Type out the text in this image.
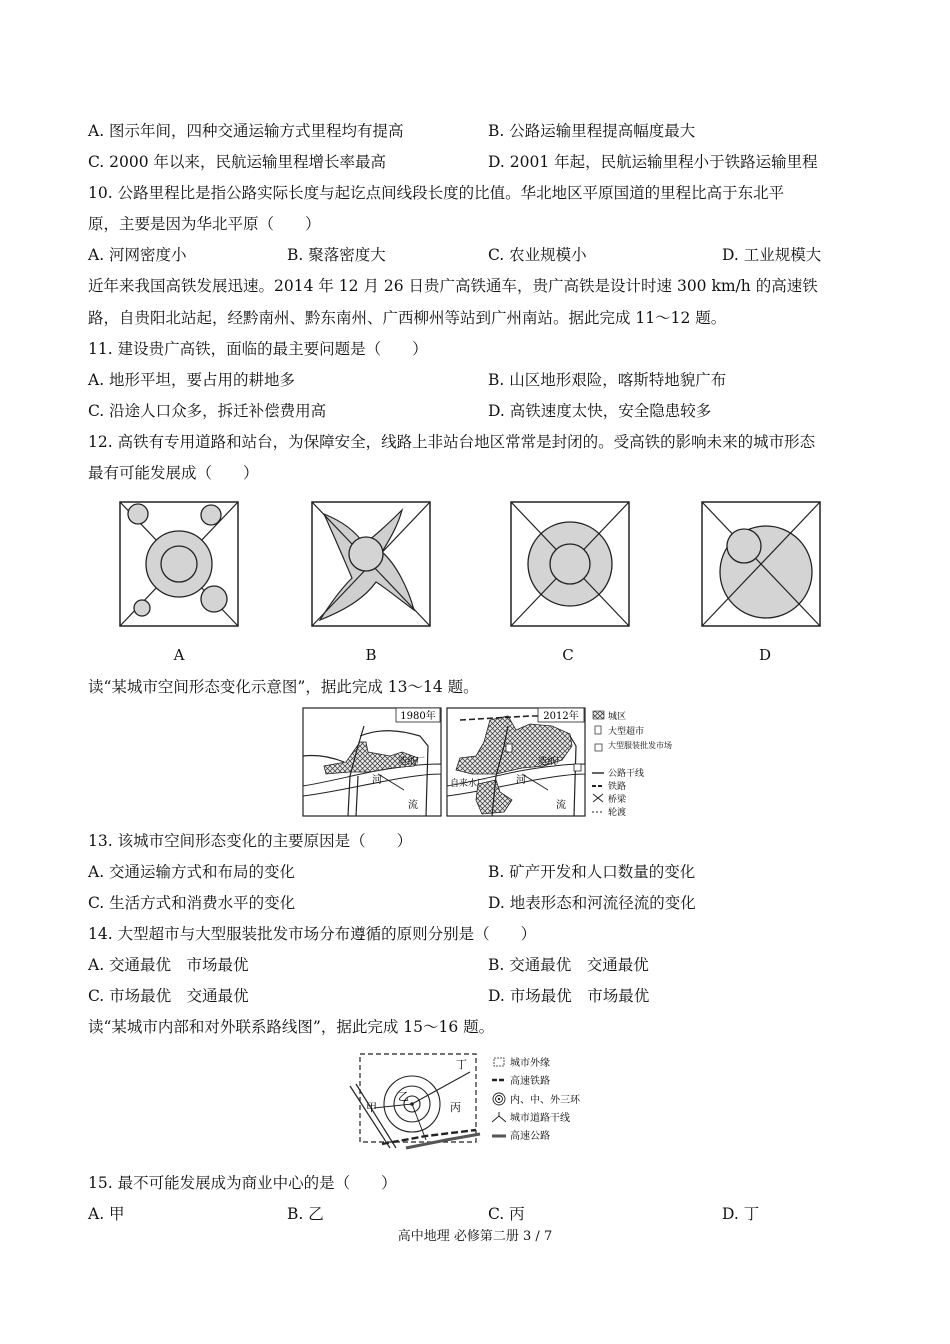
A. 图示年间，四种交通运输方式里程均有提高	B. 公路运输里程提高幅度最大
C. 2000 年以来，民航运输里程增长率最高	D. 2001 年起，民航运输里程小于铁路运输里程
10. 公路里程比是指公路实际长度与起讫点间线段长度的比值。华北地区平原国道的里程比高于东北平
原，主要是因为华北平原（　　）
A. 河网密度小	B. 聚落密度大	C. 农业规模小	D. 工业规模大
近年来我国高铁发展迅速。2014 年 12 月 26 日贵广高铁通车，贵广高铁是设计时速 300 km/h 的高速铁
路，自贵阳北站起，经黔南州、黔东南州、广西柳州等站到广州南站。据此完成 11～12 题。
11. 建设贵广高铁，面临的最主要问题是（　　）
A. 地形平坦，要占用的耕地多	B. 山区地形艰险，喀斯特地貌广布
C. 沿途人口众多，拆迁补偿费用高	D. 高铁速度太快，安全隐患较多
12. 高铁有专用道路和站台，为保障安全，线路上非站台地区常常是封闭的。受高铁的影响未来的城市形态
最有可能发展成（　　）
A	B	C	D
读“某城市空间形态变化示意图”，据此完成 13～14 题。
1980年
造纸厂
河
流
2012年
造纸厂
自来水厂	河
流
城区
大型超市
大型服装批发市场
公路干线
铁路
桥梁
轮渡
13. 该城市空间形态变化的主要原因是（　　）
A. 交通运输方式和布局的变化	B. 矿产开发和人口数量的变化
C. 生活方式和消费水平的变化	D. 地表形态和河流径流的变化
14. 大型超市与大型服装批发市场分布遵循的原则分别是（　　）
A. 交通最优　市场最优	B. 交通最优　交通最优
C. 市场最优　交通最优	D. 市场最优　市场最优
读“某城市内部和对外联系路线图”，据此完成 15～16 题。
甲
乙
丙
丁	城市外缘
高速铁路
内、中、外三环
城市道路干线
高速公路
15. 最不可能发展成为商业中心的是（　　）
A. 甲	B. 乙	C. 丙	D. 丁
高中地理 必修第二册 3 / 7
